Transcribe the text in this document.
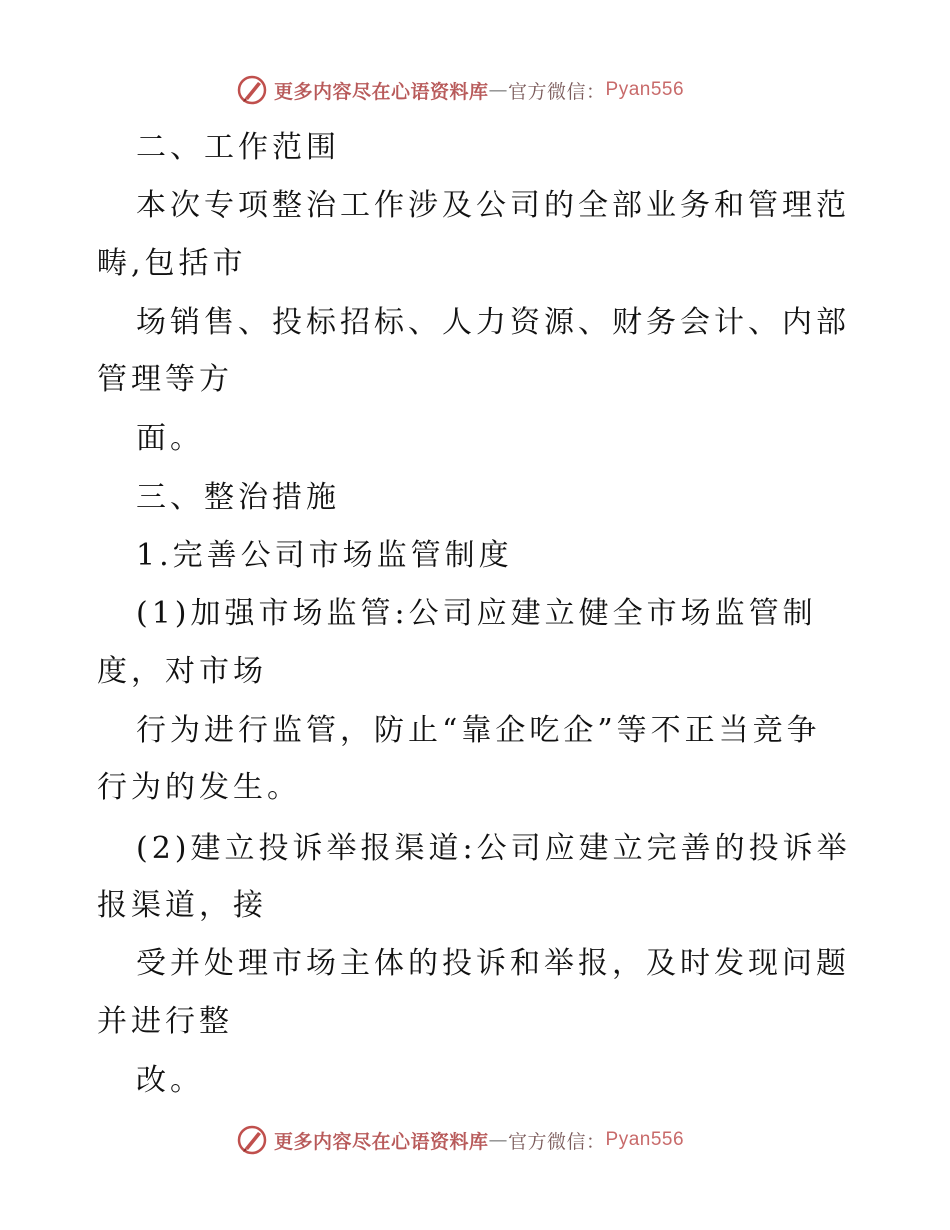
更多内容尽在心语资料库 — 官方微信： Pyan556

二、工作范围

本次专项整治工作涉及公司的全部业务和管理范

畴,包括市

场销售、投标招标、人力资源、财务会计、内部

管理等方

面。

三、整治措施

1.完善公司市场监管制度

(1)加强市场监管:公司应建立健全市场监管制

度，对市场

行为进行监管，防止“靠企吃企”等不正当竞争

行为的发生。

(2)建立投诉举报渠道:公司应建立完善的投诉举

报渠道，接

受并处理市场主体的投诉和举报，及时发现问题

并进行整

改。

更多内容尽在心语资料库 — 官方微信： Pyan556
